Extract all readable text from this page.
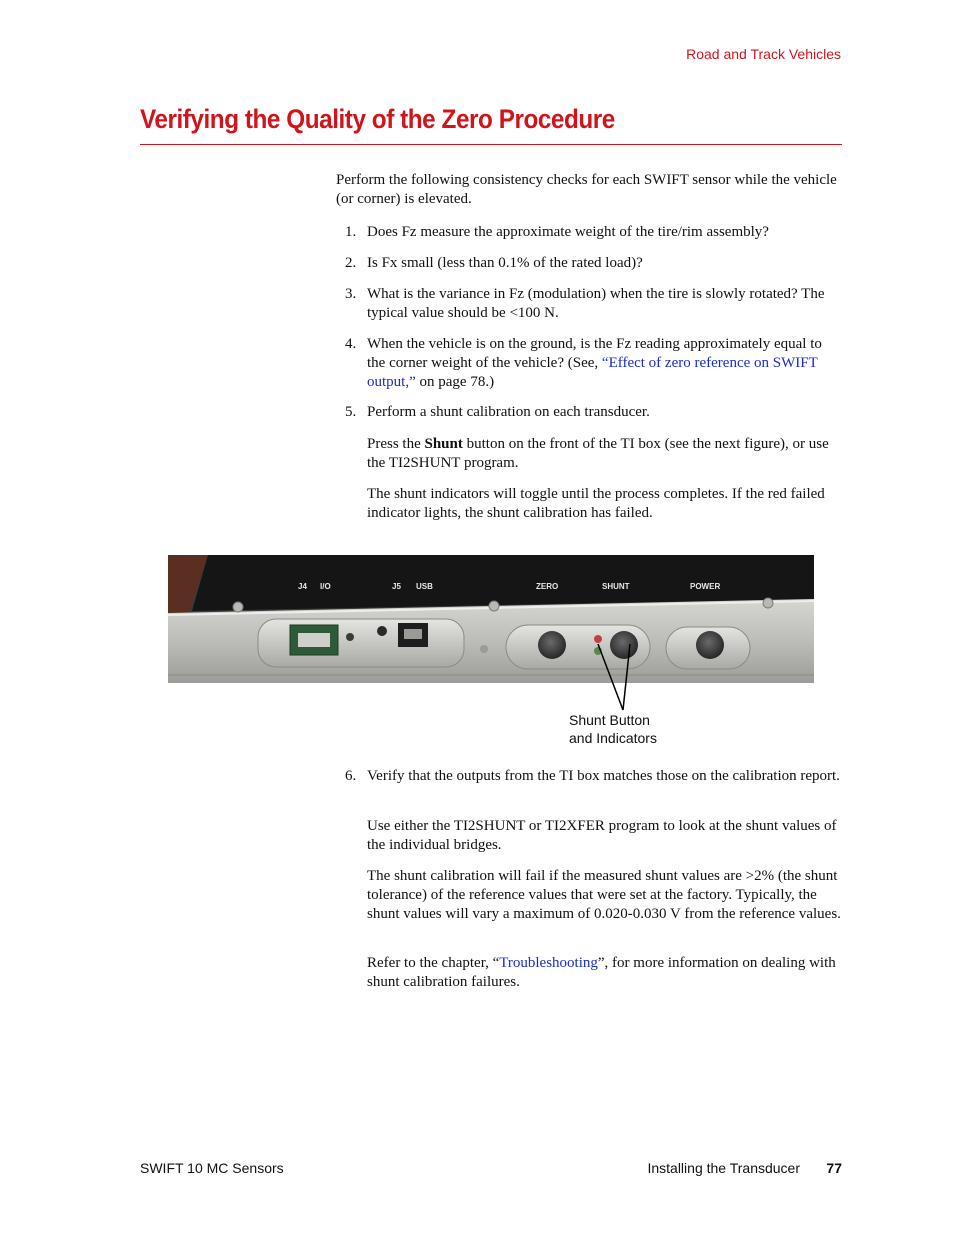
Road and Track Vehicles
Verifying the Quality of the Zero Procedure

Perform the following consistency checks for each SWIFT sensor while the vehicle (or corner) is elevated.

1. Does Fz measure the approximate weight of the tire/rim assembly?
2. Is Fx small (less than 0.1% of the rated load)?
3. What is the variance in Fz (modulation) when the tire is slowly rotated? The typical value should be <100 N.
4. When the vehicle is on the ground, is the Fz reading approximately equal to the corner weight of the vehicle? (See, “Effect of zero reference on SWIFT output,” on page 78.)
5. Perform a shunt calibration on each transducer.

Press the Shunt button on the front of the TI box (see the next figure), or use the TI2SHUNT program.

The shunt indicators will toggle until the process completes. If the red failed indicator lights, the shunt calibration has failed.

J4 I/O	J5 USB	ZERO	SHUNT	POWER
Shunt Button
and Indicators
6. Verify that the outputs from the TI box matches those on the calibration report.

Use either the TI2SHUNT or TI2XFER program to look at the shunt values of the individual bridges.

The shunt calibration will fail if the measured shunt values are >2% (the shunt tolerance) of the reference values that were set at the factory. Typically, the shunt values will vary a maximum of 0.020-0.030 V from the reference values.

Refer to the chapter, “Troubleshooting”, for more information on dealing with shunt calibration failures.

SWIFT 10 MC Sensors	Installing the Transducer 77
